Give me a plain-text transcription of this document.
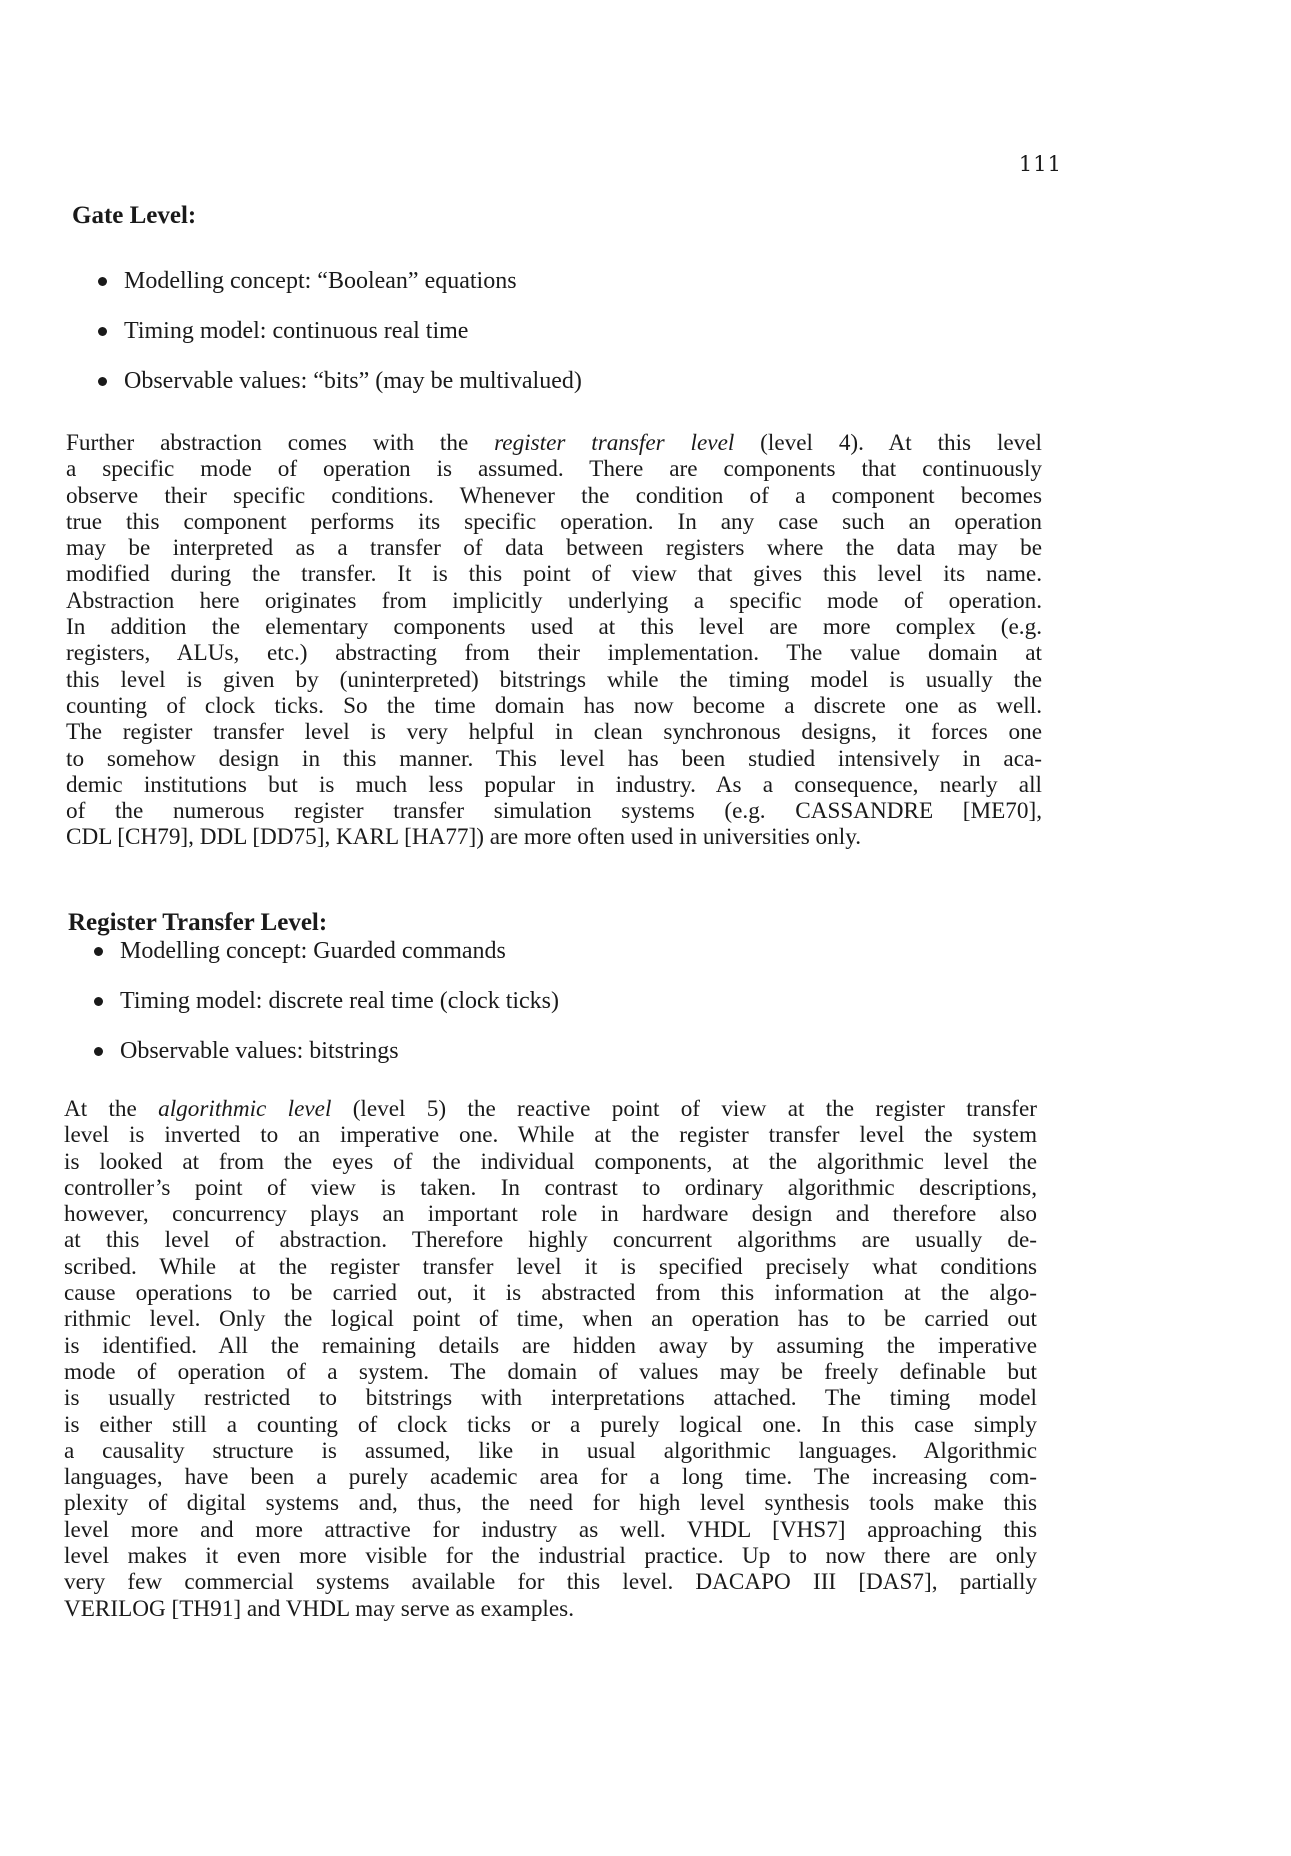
111
Gate Level:
Modelling concept: “Boolean” equations
Timing model: continuous real time
Observable values: “bits” (may be multivalued)

Further abstraction comes with the register transfer level (level 4). At this level
a specific mode of operation is assumed. There are components that continuously
observe their specific conditions. Whenever the condition of a component becomes
true this component performs its specific operation. In any case such an operation
may be interpreted as a transfer of data between registers where the data may be
modified during the transfer. It is this point of view that gives this level its name.
Abstraction here originates from implicitly underlying a specific mode of operation.
In addition the elementary components used at this level are more complex (e.g.
registers, ALUs, etc.) abstracting from their implementation. The value domain at
this level is given by (uninterpreted) bitstrings while the timing model is usually the
counting of clock ticks. So the time domain has now become a discrete one as well.
The register transfer level is very helpful in clean synchronous designs, it forces one
to somehow design in this manner. This level has been studied intensively in aca-
demic institutions but is much less popular in industry. As a consequence, nearly all
of the numerous register transfer simulation systems (e.g. CASSANDRE [ME70],
CDL [CH79], DDL [DD75], KARL [HA77]) are more often used in universities only.

Register Transfer Level:
Modelling concept: Guarded commands
Timing model: discrete real time (clock ticks)
Observable values: bitstrings

At the algorithmic level (level 5) the reactive point of view at the register transfer
level is inverted to an imperative one. While at the register transfer level the system
is looked at from the eyes of the individual components, at the algorithmic level the
controller’s point of view is taken. In contrast to ordinary algorithmic descriptions,
however, concurrency plays an important role in hardware design and therefore also
at this level of abstraction. Therefore highly concurrent algorithms are usually de-
scribed. While at the register transfer level it is specified precisely what conditions
cause operations to be carried out, it is abstracted from this information at the algo-
rithmic level. Only the logical point of time, when an operation has to be carried out
is identified. All the remaining details are hidden away by assuming the imperative
mode of operation of a system. The domain of values may be freely definable but
is usually restricted to bitstrings with interpretations attached. The timing model
is either still a counting of clock ticks or a purely logical one. In this case simply
a causality structure is assumed, like in usual algorithmic languages. Algorithmic
languages, have been a purely academic area for a long time. The increasing com-
plexity of digital systems and, thus, the need for high level synthesis tools make this
level more and more attractive for industry as well. VHDL [VHS7] approaching this
level makes it even more visible for the industrial practice. Up to now there are only
very few commercial systems available for this level. DACAPO III [DAS7], partially
VERILOG [TH91] and VHDL may serve as examples.
